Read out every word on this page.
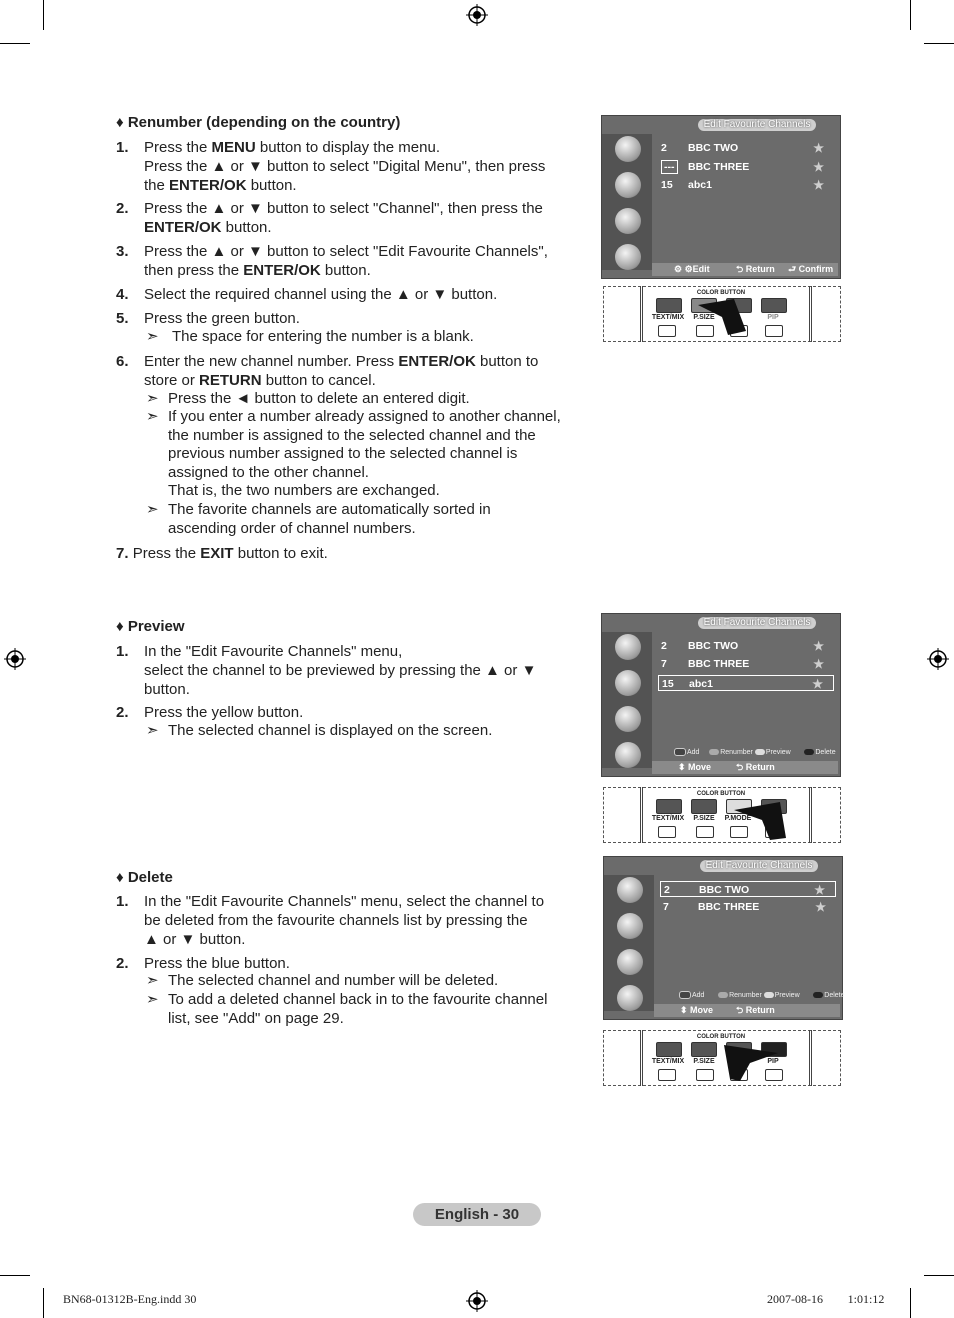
♦ Renumber (depending on the country)
1.	Press the MENU button to display the menu.
Press the ▲ or ▼ button to select "Digital Menu", then press
the ENTER/OK button.
2.	Press the ▲ or ▼ button to select "Channel", then press the
ENTER/OK button.
3.	Press the ▲ or ▼ button to select "Edit Favourite Channels",
then press the ENTER/OK button.
4.	Select the required channel using the ▲ or ▼ button.
5.	Press the green button.
➣ The space for entering the number is a blank.
6.	Enter the new channel number. Press ENTER/OK button to
store or RETURN button to cancel.
➣ Press the ◄ button to delete an entered digit.
➣ If you enter a number already assigned to another channel,
the number is assigned to the selected channel and the
previous number assigned to the selected channel is
assigned to the other channel.
That is, the two numbers are exchanged.
➣ The favorite channels are automatically sorted in
ascending order of channel numbers.
7. Press the EXIT button to exit.
♦ Preview
1.	In the "Edit Favourite Channels" menu,
select the channel to be previewed by pressing the ▲ or ▼
button.
2.	Press the yellow button.
➣ The selected channel is displayed on the screen.
♦ Delete
1.	In the "Edit Favourite Channels" menu, select the channel to
be deleted from the favourite channels list by pressing the
▲ or ▼ button.
2.	Press the blue button.
➣ The selected channel and number will be deleted.
➣ To add a deleted channel back in to the favourite channel
list, see "Add" on page 29.
Edit Favourite Channels
2 BBC TWO	★
--- BBC THREE	★
15 abc1	★
⚙ ⚙Edit	⮌ Return ⮐ Confirm
COLOR BUTTON
TEXT/MIX	P.SIZE	PIP
Edit Favourite Channels
2 BBC TWO	★
7 BBC THREE	★
15 abc1	★
Add	Renumber Preview	Delete
⬍ Move	⮌ Return
COLOR BUTTON
TEXT/MIX	P.SIZE	P.MODE
Edit Favourite Channels
2	BBC TWO	★
7	BBC THREE	★
Add	Renumber Preview	Delete
⬍ Move	⮌ Return
COLOR BUTTON
TEXT/MIX	P.SIZE	PIP
English - 30
BN68-01312B-Eng.indd 30	2007-08-16 ￿￿ 1:01:12
